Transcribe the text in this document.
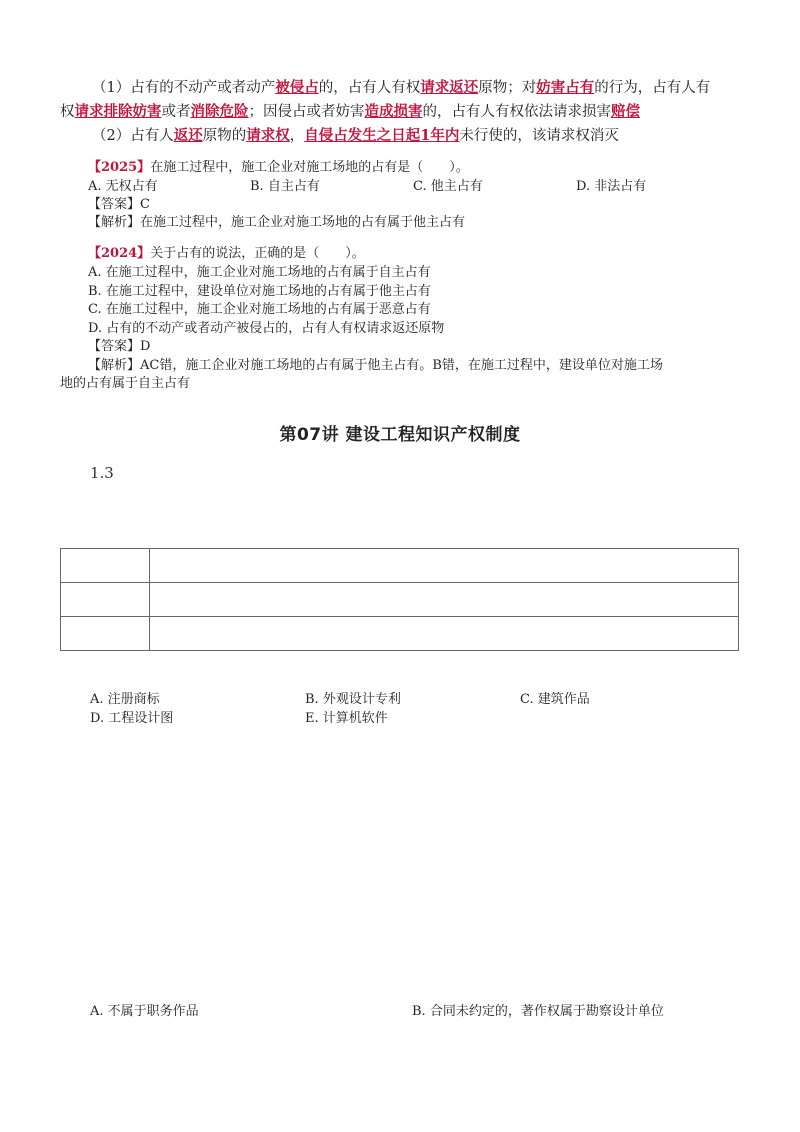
（1）占有的不动产或者动产被侵占的，占有人有权请求返还原物；对妨害占有的行为，占有人有
权请求排除妨害或者消除危险；因侵占或者妨害造成损害的，占有人有权依法请求损害赔偿
（2）占有人返还原物的请求权，自侵占发生之日起1年内未行使的，该请求权消灭
【2025】在施工过程中，施工企业对施工场地的占有是（　　）。
A. 无权占有	B. 自主占有	C. 他主占有	D. 非法占有
【答案】C
【解析】在施工过程中，施工企业对施工场地的占有属于他主占有
【2024】关于占有的说法，正确的是（　　）。
A. 在施工过程中，施工企业对施工场地的占有属于自主占有
B. 在施工过程中，建设单位对施工场地的占有属于他主占有
C. 在施工过程中，施工企业对施工场地的占有属于恶意占有
D. 占有的不动产或者动产被侵占的，占有人有权请求返还原物
【答案】D
【解析】AC错，施工企业对施工场地的占有属于他主占有。B错，在施工过程中，建设单位对施工场
地的占有属于自主占有
第07讲 建设工程知识产权制度
1.3

A. 注册商标	B. 外观设计专利	C. 建筑作品
D. 工程设计图	E. 计算机软件
A. 不属于职务作品	B. 合同未约定的，著作权属于勘察设计单位
